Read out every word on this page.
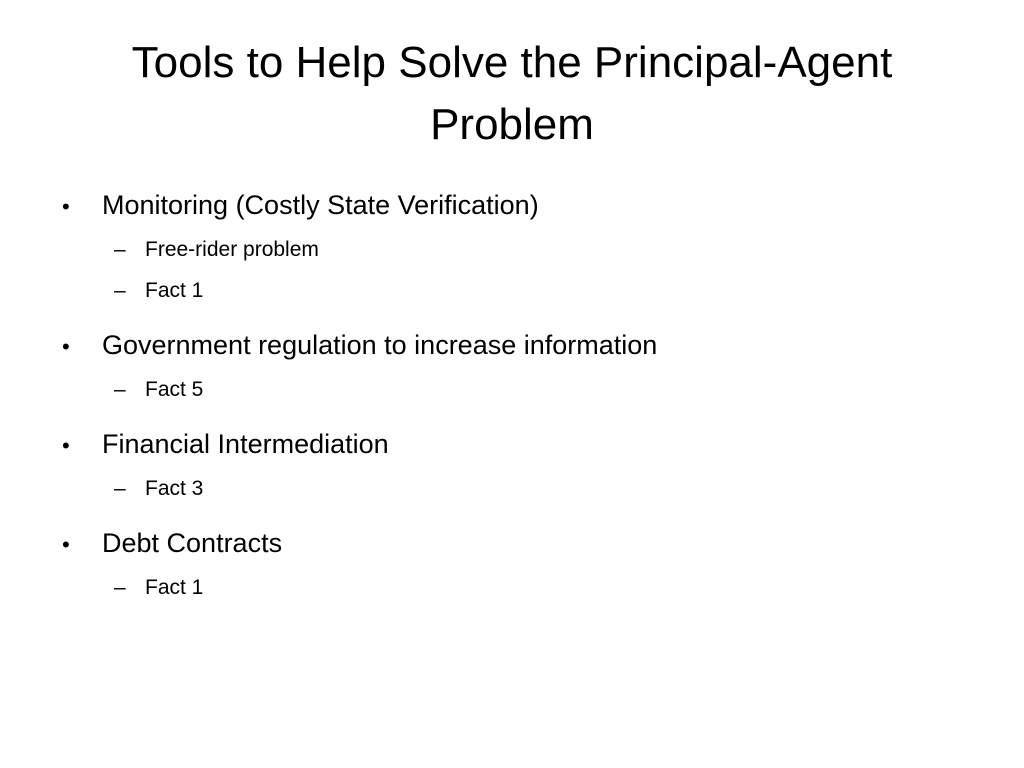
Tools to Help Solve the Principal-Agent
Problem
•	Monitoring (Costly State Verification)
– Free-rider problem
– Fact 1
•	Government regulation to increase information
– Fact 5
•	Financial Intermediation
– Fact 3
•	Debt Contracts
– Fact 1
